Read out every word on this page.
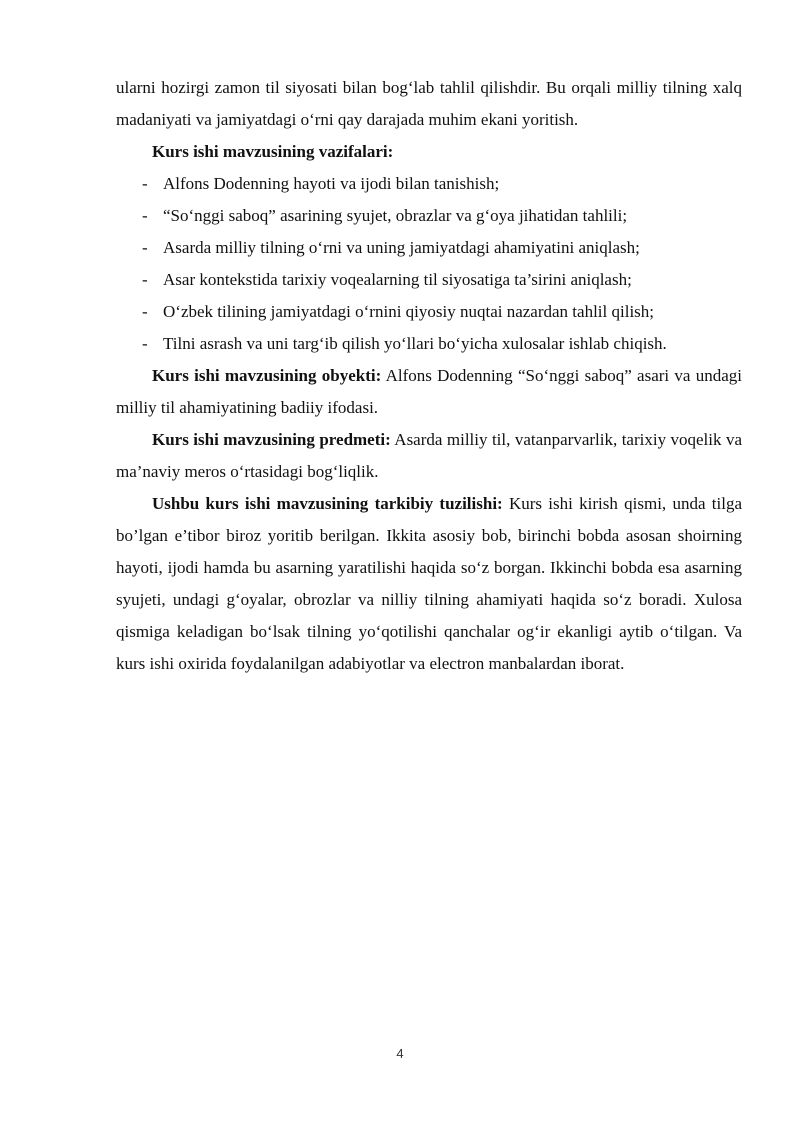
ularni hozirgi zamon til siyosati bilan bog‘lab tahlil qilishdir. Bu orqali milliy tilning xalq madaniyati va jamiyatdagi o‘rni qay darajada muhim ekani yoritish.

Kurs ishi mavzusining vazifalari:

- Alfons Dodenning hayoti va ijodi bilan tanishish;
- “So‘nggi saboq” asarining syujet, obrazlar va g‘oya jihatidan tahlili;
- Asarda milliy tilning o‘rni va uning jamiyatdagi ahamiyatini aniqlash;
- Asar kontekstida tarixiy voqealarning til siyosatiga ta’sirini aniqlash;
- O‘zbek tilining jamiyatdagi o‘rnini qiyosiy nuqtai nazardan tahlil qilish;
- Tilni asrash va uni targ‘ib qilish yo‘llari bo‘yicha xulosalar ishlab chiqish.

Kurs ishi mavzusining obyekti: Alfons Dodenning “So‘nggi saboq” asari va undagi milliy til ahamiyatining badiiy ifodasi.

Kurs ishi mavzusining predmeti: Asarda milliy til, vatanparvarlik, tarixiy voqelik va ma’naviy meros o‘rtasidagi bog‘liqlik.

Ushbu kurs ishi mavzusining tarkibiy tuzilishi: Kurs ishi kirish qismi, unda tilga bo’lgan e’tibor biroz yoritib berilgan. Ikkita asosiy bob, birinchi bobda asosan shoirning hayoti, ijodi hamda bu asarning yaratilishi haqida so‘z borgan. Ikkinchi bobda esa asarning syujeti, undagi g‘oyalar, obrozlar va nilliy tilning ahamiyati haqida so‘z boradi. Xulosa qismiga keladigan bo‘lsak tilning yo‘qotilishi qanchalar og‘ir ekanligi aytib o‘tilgan. Va kurs ishi oxirida foydalanilgan adabiyotlar va electron manbalardan iborat.

4
